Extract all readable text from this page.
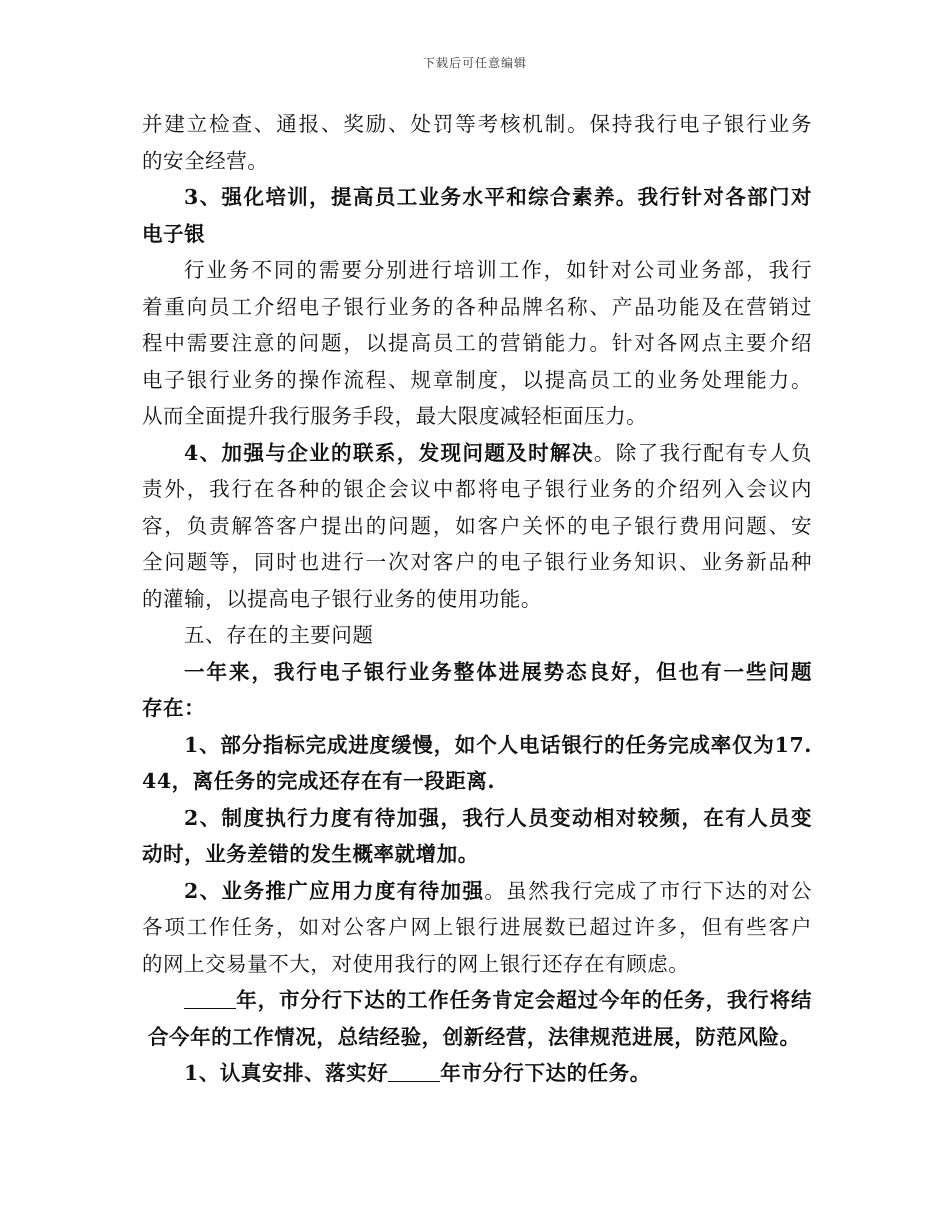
下载后可任意编辑
并建立检查、通报、奖励、处罚等考核机制。保持我行电子银行业务
的安全经营。
3、强化培训，提高员工业务水平和综合素养。我行针对各部门对
电子银
行业务不同的需要分别进行培训工作，如针对公司业务部，我行
着重向员工介绍电子银行业务的各种品牌名称、产品功能及在营销过
程中需要注意的问题，以提高员工的营销能力。针对各网点主要介绍
电子银行业务的操作流程、规章制度，以提高员工的业务处理能力。
从而全面提升我行服务手段，最大限度减轻柜面压力。
4、加强与企业的联系，发现问题及时解决。除了我行配有专人负
责外，我行在各种的银企会议中都将电子银行业务的介绍列入会议内
容，负责解答客户提出的问题，如客户关怀的电子银行费用问题、安
全问题等，同时也进行一次对客户的电子银行业务知识、业务新品种
的灌输，以提高电子银行业务的使用功能。
五、存在的主要问题
一年来，我行电子银行业务整体进展势态良好，但也有一些问题
存在：
1、部分指标完成进度缓慢，如个人电话银行的任务完成率仅为17.
44，离任务的完成还存在有一段距离.
2、制度执行力度有待加强，我行人员变动相对较频，在有人员变
动时，业务差错的发生概率就增加。
2、业务推广应用力度有待加强。虽然我行完成了市行下达的对公
各项工作任务，如对公客户网上银行进展数已超过许多，但有些客户
的网上交易量不大，对使用我行的网上银行还存在有顾虑。
年，市分行下达的工作任务肯定会超过今年的任务，我行将结
合今年的工作情况，总结经验，创新经营，法律规范进展，防范风险。
1、认真安排、落实好	年市分行下达的任务。
